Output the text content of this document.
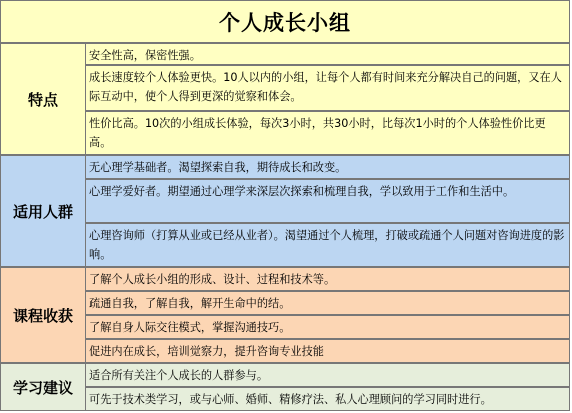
个人成长小组
特点
安全性高，保密性强。
成长速度较个人体验更快。10人以内的小组，让每个人都有时间来充分解决自己的问题，又在人际互动中，使个人得到更深的觉察和体会。
性价比高。10次的小组成长体验，每次3小时，共30小时，比每次1小时的个人体验性价比更高。
适用人群
无心理学基础者。渴望探索自我，期待成长和改变。
心理学爱好者。期望通过心理学来深层次探索和梳理自我，学以致用于工作和生活中。
心理咨询师（打算从业或已经从业者）。渴望通过个人梳理，打破或疏通个人问题对咨询进度的影响。
课程收获
了解个人成长小组的形成、设计、过程和技术等。
疏通自我，了解自我，解开生命中的结。
了解自身人际交往模式，掌握沟通技巧。
促进内在成长，培训觉察力，提升咨询专业技能
学习建议
适合所有关注个人成长的人群参与。
可先于技术类学习，或与心师、婚师、精修疗法、私人心理顾问的学习同时进行。
